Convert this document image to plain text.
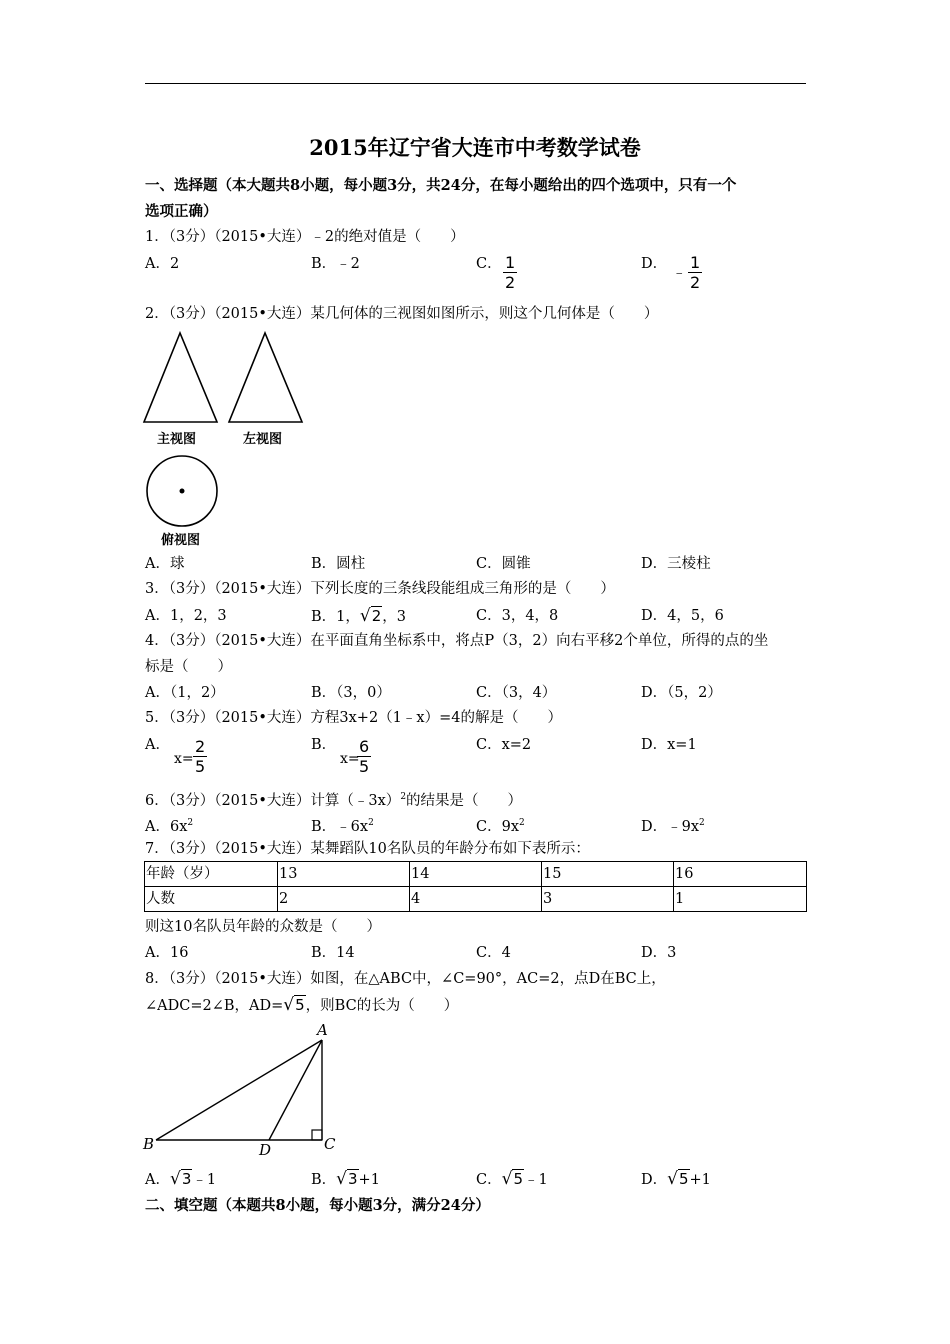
2015年辽宁省大连市中考数学试卷
一、选择题（本大题共8小题，每小题3分，共24分，在每小题给出的四个选项中，只有一个
选项正确）
1．（3分）（2015•大连）﹣2的绝对值是（　　）
A．2	B．﹣2	C． $\frac{1}{2}$	D．
﹣ $\frac{1}{2}$
2．（3分）（2015•大连）某几何体的三视图如图所示，则这个几何体是（　　）
主视图	左视图
俯视图
A．球	B．圆柱	C．圆锥	D．三棱柱
3．（3分）（2015•大连）下列长度的三条线段能组成三角形的是（　　）
A．1，2，3	B．1，√2，3	C．3，4，8	D．4，5，6
4．（3分）（2015•大连）在平面直角坐标系中，将点P（3，2）向右平移2个单位，所得的点的坐
标是（　　）
A．（1，2）	B．（3，0）	C．（3，4）	D．（5，2）
5．（3分）（2015•大连）方程3x+2（1﹣x）=4的解是（　　）
A．
$x= \frac{2}{5}$	B．
x=
$\frac{6}{5}$	C．x=2	D．x=1
6．（3分）（2015•大连）计算（﹣3x）$^2$的结果是（　　）
A．$6x^2$	B．$﹣6x^2$	C．$9x^2$	D．$﹣9x^2$
7．（3分）（2015•大连）某舞蹈队10名队员的年龄分布如下表所示：
年龄（岁）	13	14	15	16
人数	2	4	3	1
则这10名队员年龄的众数是（　　）
A．16	B．14	C．4	D．3
8．（3分）（2015•大连）如图，在△ABC中，∠C=90°，AC=2，点D在BC上，
∠ADC=2∠B，AD=√5，则BC的长为（　　）
A
B	C
D
A．√3﹣1	B．√3+1	C．√5﹣1	D．√5+1
二、填空题（本题共8小题，每小题3分，满分24分）
